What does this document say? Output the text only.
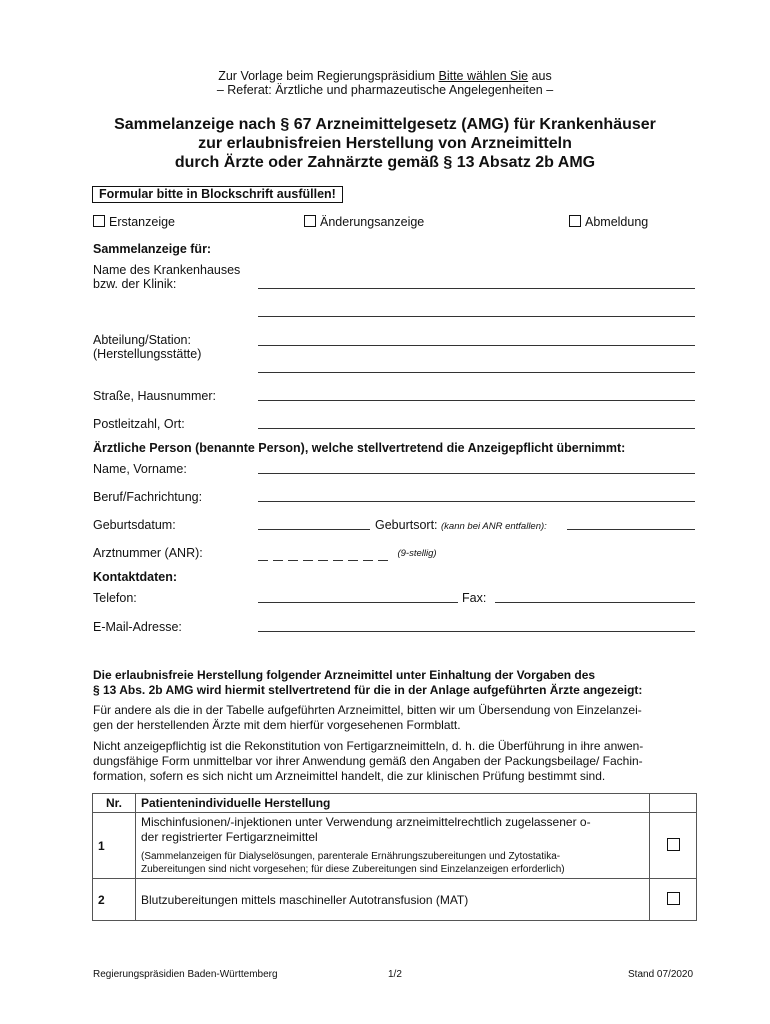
Zur Vorlage beim Regierungspräsidium Bitte wählen Sie aus
– Referat: Ärztliche und pharmazeutische Angelegenheiten –
Sammelanzeige nach § 67 Arzneimittelgesetz (AMG) für Krankenhäuser
zur erlaubnisfreien Herstellung von Arzneimitteln
durch Ärzte oder Zahnärzte gemäß § 13 Absatz 2b AMG
Formular bitte in Blockschrift ausfüllen!
Erstanzeige	Änderungsanzeige	Abmeldung
Sammelanzeige für:
Name des Krankenhauses
bzw. der Klinik:
Abteilung/Station:
(Herstellungsstätte)
Straße, Hausnummer:
Postleitzahl, Ort:
Ärztliche Person (benannte Person), welche stellvertretend die Anzeigepflicht übernimmt:
Name, Vorname:
Beruf/Fachrichtung:
Geburtsdatum:	Geburtsort: (kann bei ANR entfallen):
Arztnummer (ANR):	$^{(9-stellig)}$
Kontaktdaten:
Telefon:	Fax:
E-Mail-Adresse:
Die erlaubnisfreie Herstellung folgender Arzneimittel unter Einhaltung der Vorgaben des
§ 13 Abs. 2b AMG wird hiermit stellvertretend für die in der Anlage aufgeführten Ärzte angezeigt:
Für andere als die in der Tabelle aufgeführten Arzneimittel, bitten wir um Übersendung von Einzelanzei-
gen der herstellenden Ärzte mit dem hierfür vorgesehenen Formblatt.
Nicht anzeigepflichtig ist die Rekonstitution von Fertigarzneimitteln, d. h. die Überführung in ihre anwen-
dungsfähige Form unmittelbar vor ihrer Anwendung gemäß den Angaben der Packungsbeilage/ Fachin-
formation, sofern es sich nicht um Arzneimittel handelt, die zur klinischen Prüfung bestimmt sind.
Nr.	Patientenindividuelle Herstellung	
1	Mischinfusionen/-injektionen unter Verwendung arzneimittelrechtlich zugelassener o-
der registrierter Fertigarzneimittel
(Sammelanzeigen für Dialyselösungen, parenterale Ernährungszubereitungen und Zytostatika-
Zubereitungen sind nicht vorgesehen; für diese Zubereitungen sind Einzelanzeigen erforderlich)	

2	Blutzubereitungen mittels maschineller Autotransfusion (MAT)	
Regierungspräsidien Baden-Württemberg	1/2	Stand 07/2020
